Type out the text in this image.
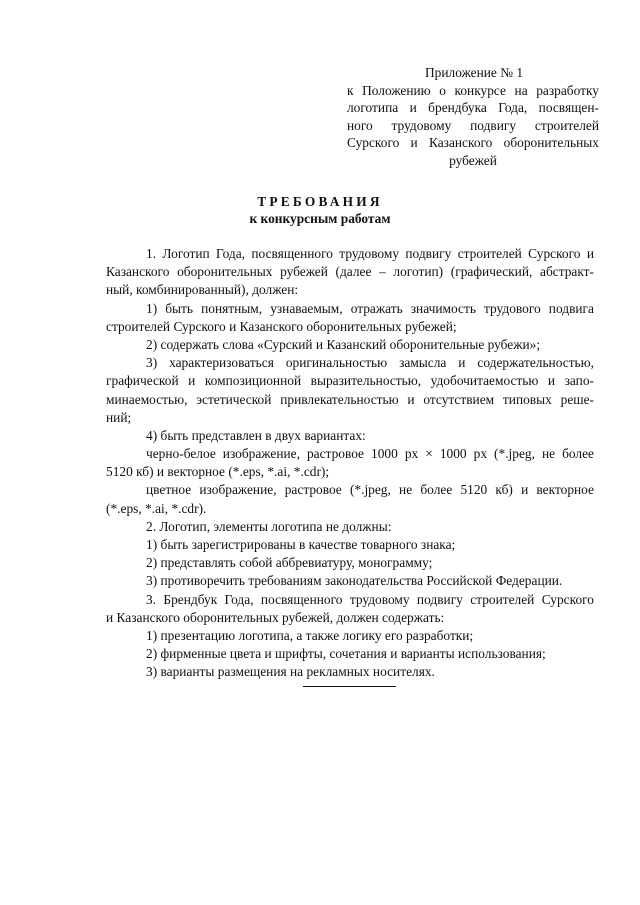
Приложение № 1
к Положению о конкурсе на разработку
логотипа и брендбука Года, посвящен-
ного трудовому подвигу строителей
Сурского и Казанского оборонительных
рубежей
ТРЕБОВАНИЯ
к конкурсным работам
1. Логотип Года, посвященного трудовому подвигу строителей Сурского и
Казанского оборонительных рубежей (далее – логотип) (графический, абстракт-
ный, комбинированный), должен:
1) быть понятным, узнаваемым, отражать значимость трудового подвига
строителей Сурского и Казанского оборонительных рубежей;
2) содержать слова «Сурский и Казанский оборонительные рубежи»;
3) характеризоваться оригинальностью замысла и содержательностью,
графической и композиционной выразительностью, удобочитаемостью и запо-
минаемостью, эстетической привлекательностью и отсутствием типовых реше-
ний;
4) быть представлен в двух вариантах:
черно-белое изображение, растровое 1000 px × 1000 px (*.jpeg, не более
5120 кб) и векторное (*.eps, *.ai, *.cdr);
цветное изображение, растровое (*.jpeg, не более 5120 кб) и векторное
(*.eps, *.ai, *.cdr).
2. Логотип, элементы логотипа не должны:
1) быть зарегистрированы в качестве товарного знака;
2) представлять собой аббревиатуру, монограмму;
3) противоречить требованиям законодательства Российской Федерации.
3. Брендбук Года, посвященного трудовому подвигу строителей Сурского
и Казанского оборонительных рубежей, должен содержать:
1) презентацию логотипа, а также логику его разработки;
2) фирменные цвета и шрифты, сочетания и варианты использования;
3) варианты размещения на рекламных носителях.
